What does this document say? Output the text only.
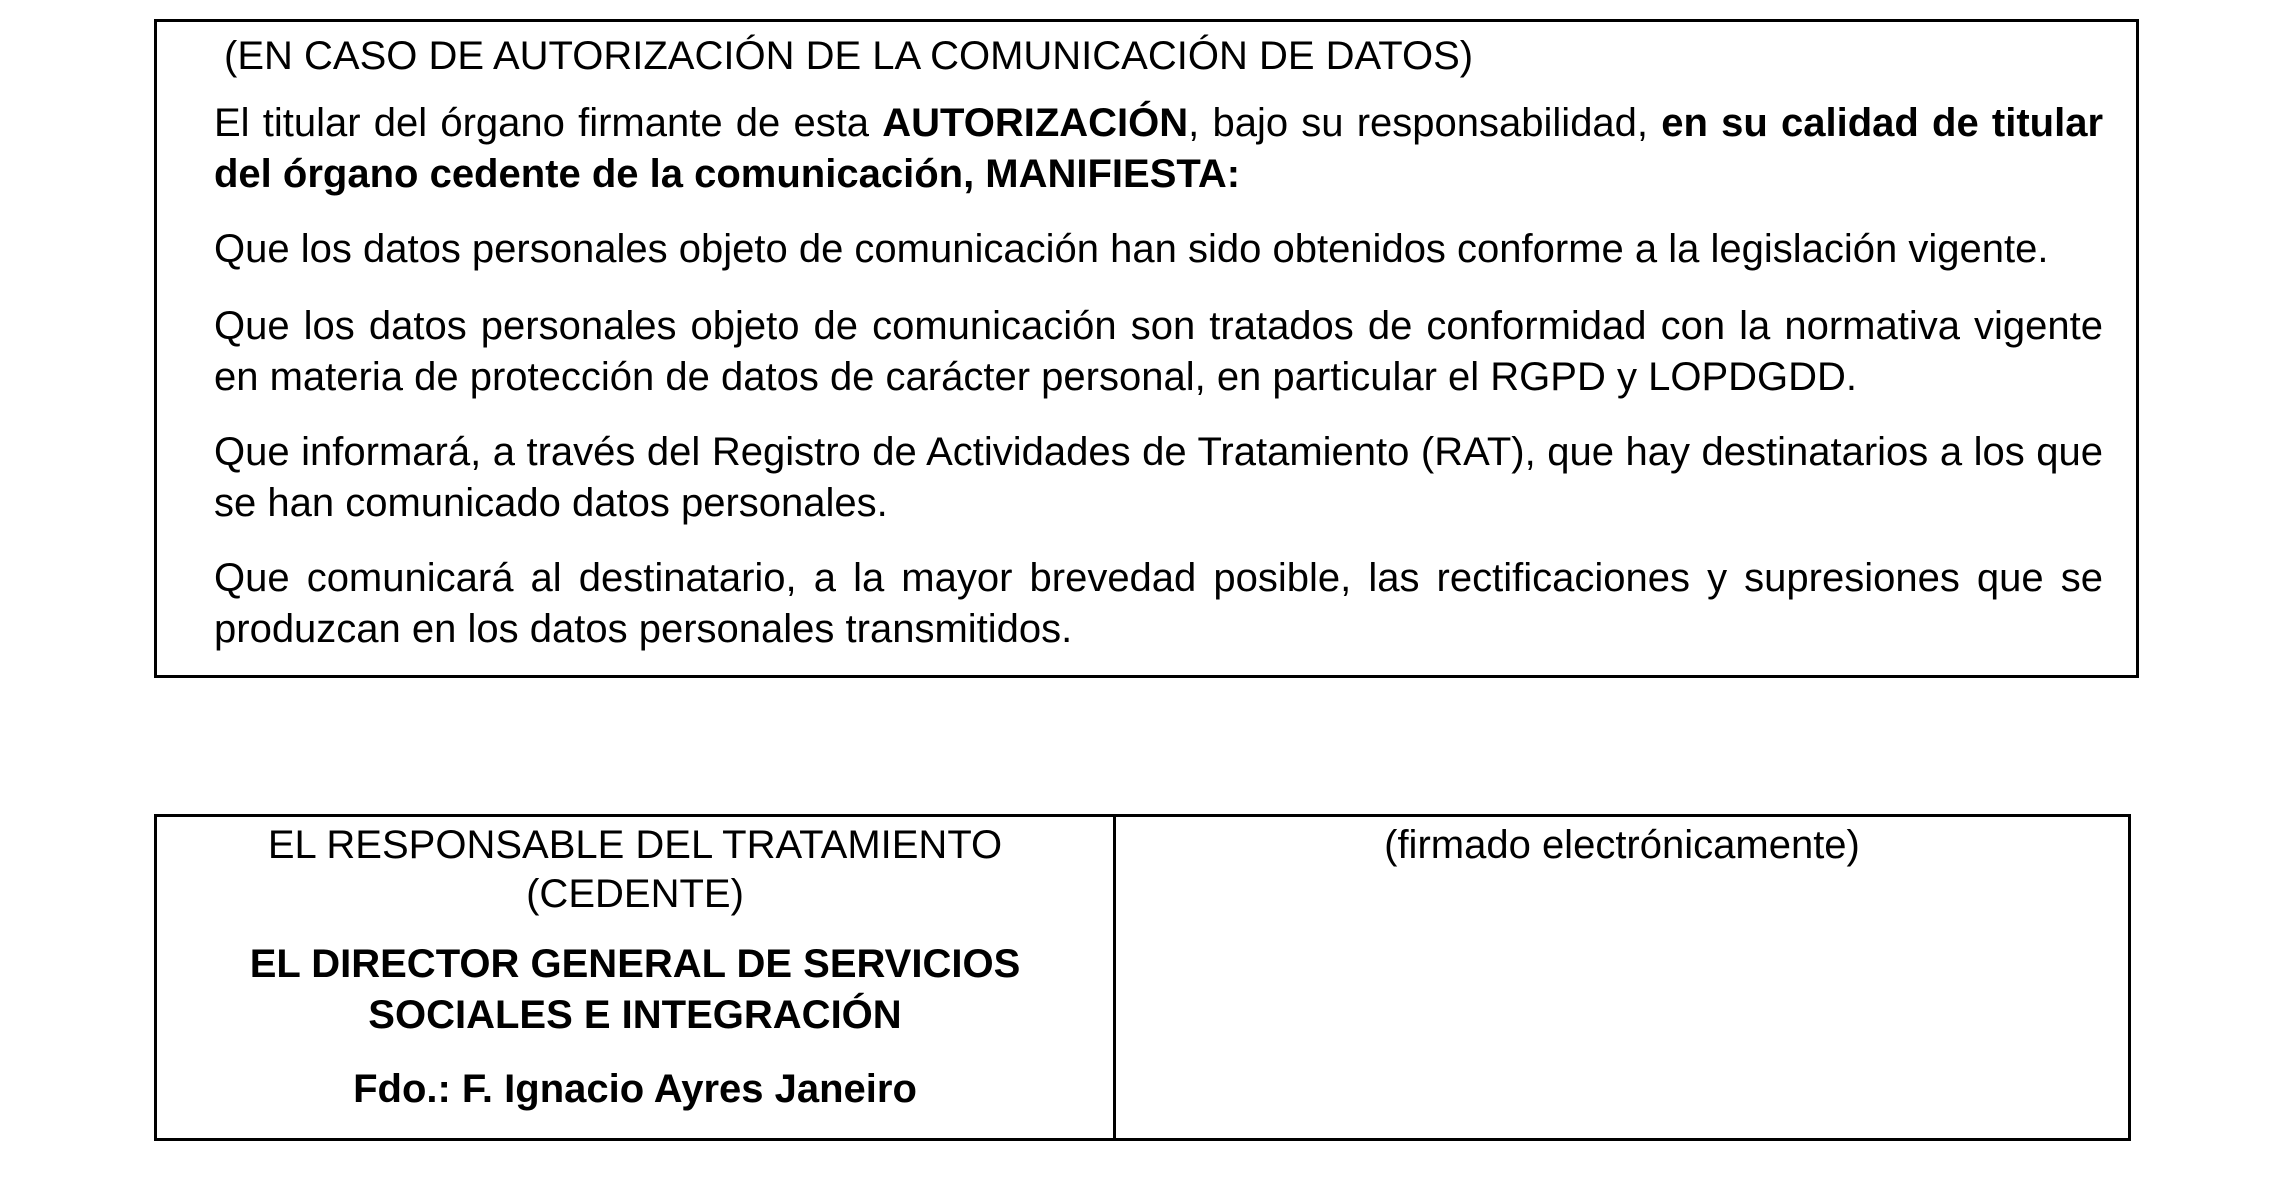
(EN CASO DE AUTORIZACIÓN DE LA COMUNICACIÓN DE DATOS)

El titular del órgano firmante de esta AUTORIZACIÓN, bajo su responsabilidad, en su calidad de titular del órgano cedente de la comunicación, MANIFIESTA:

Que los datos personales objeto de comunicación han sido obtenidos conforme a la legislación vigente.

Que los datos personales objeto de comunicación son tratados de conformidad con la normativa vigente en materia de protección de datos de carácter personal, en particular el RGPD y LOPDGDD.

Que informará, a través del Registro de Actividades de Tratamiento (RAT), que hay destinatarios a los que se han comunicado datos personales.

Que comunicará al destinatario, a la mayor brevedad posible, las rectificaciones y supresiones que se produzcan en los datos personales transmitidos.

EL RESPONSABLE DEL TRATAMIENTO
(CEDENTE)

EL DIRECTOR GENERAL DE SERVICIOS
SOCIALES E INTEGRACIÓN

Fdo.: F. Ignacio Ayres Janeiro

(firmado electrónicamente)
